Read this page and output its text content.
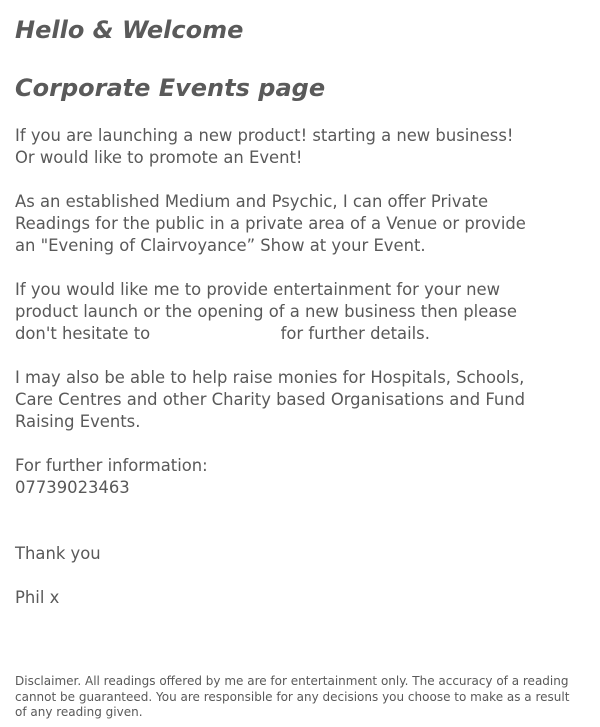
Hello & Welcome
Corporate Events page

If you are launching a new product! starting a new business!
Or would like to promote an Event!

As an established Medium and Psychic, I can offer Private
Readings for the public in a private area of a Venue or provide
an "Evening of Clairvoyance” Show at your Event.

If you would like me to provide entertainment for your new
product launch or the opening of a new business then please
don't hesitate to	for further details.

I may also be able to help raise monies for Hospitals, Schools,
Care Centres and other Charity based Organisations and Fund
Raising Events.

For further information:
07739023463

Thank you

Phil x

Disclaimer. All readings offered by me are for entertainment only. The accuracy of a reading
cannot be guaranteed. You are responsible for any decisions you choose to make as a result
of any reading given.
